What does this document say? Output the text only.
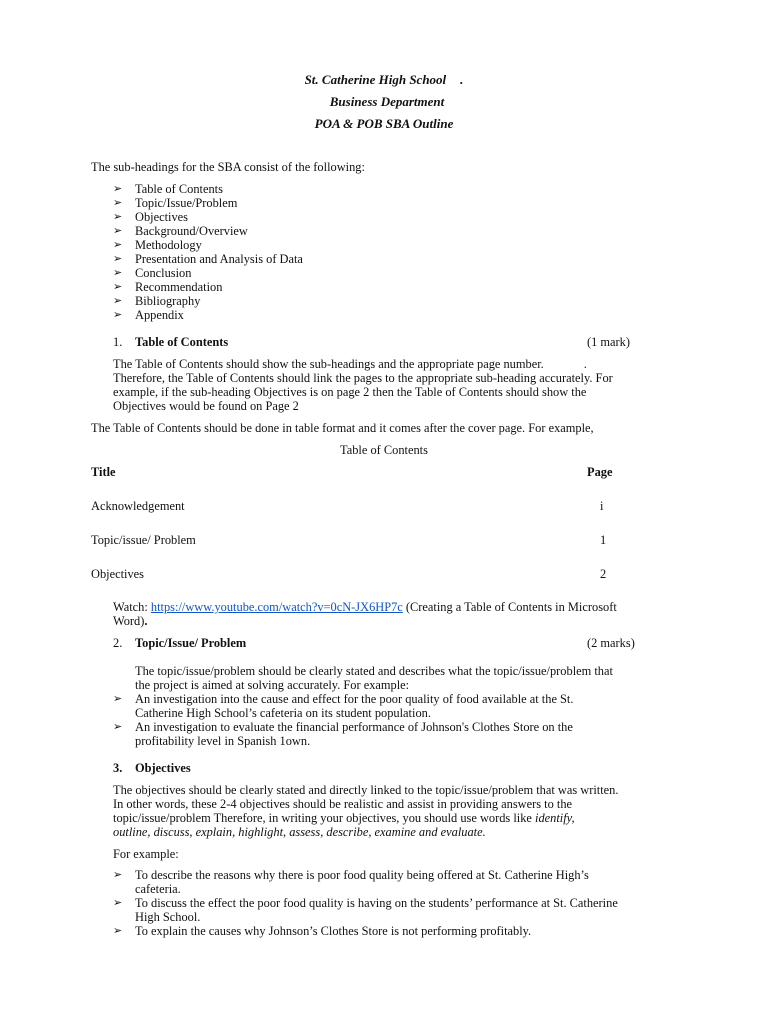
St. Catherine High School .
Business Department
POA & POB SBA Outline
The sub-headings for the SBA consist of the following:
➢ Table of Contents
➢ Topic/Issue/Problem
➢ Objectives
➢ Background/Overview
➢ Methodology
➢ Presentation and Analysis of Data
➢ Conclusion
➢ Recommendation
➢ Bibliography
➢ Appendix
1. Table of Contents	(1 mark)
The Table of Contents should show the sub-headings and the appropriate page number.	.
Therefore, the Table of Contents should link the pages to the appropriate sub-heading accurately. For
example, if the sub-heading Objectives is on page 2 then the Table of Contents should show the
Objectives would be found on Page 2
The Table of Contents should be done in table format and it comes after the cover page. For example,
Table of Contents
Title	Page
Acknowledgement	i
Topic/issue/ Problem	1
Objectives	2
Watch: https://www.youtube.com/watch?v=0cN-JX6HP7c (Creating a Table of Contents in Microsoft
Word).
2. Topic/Issue/ Problem	(2 marks)
The topic/issue/problem should be clearly stated and describes what the topic/issue/problem that
the project is aimed at solving accurately. For example:
➢ An investigation into the cause and effect for the poor quality of food available at the St.
Catherine High School’s cafeteria on its student population.
➢ An investigation to evaluate the financial performance of Johnson's Clothes Store on the
profitability level in Spanish 1own.
3. Objectives
The objectives should be clearly stated and directly linked to the topic/issue/problem that was written.
In other words, these 2-4 objectives should be realistic and assist in providing answers to the
topic/issue/problem Therefore, in writing your objectives, you should use words like identify,
outline, discuss, explain, highlight, assess, describe, examine and evaluate.
For example:
➢ To describe the reasons why there is poor food quality being offered at St. Catherine High’s
cafeteria.
➢ To discuss the effect the poor food quality is having on the students’ performance at St. Catherine
High School.
➢ To explain the causes why Johnson’s Clothes Store is not performing profitably.
